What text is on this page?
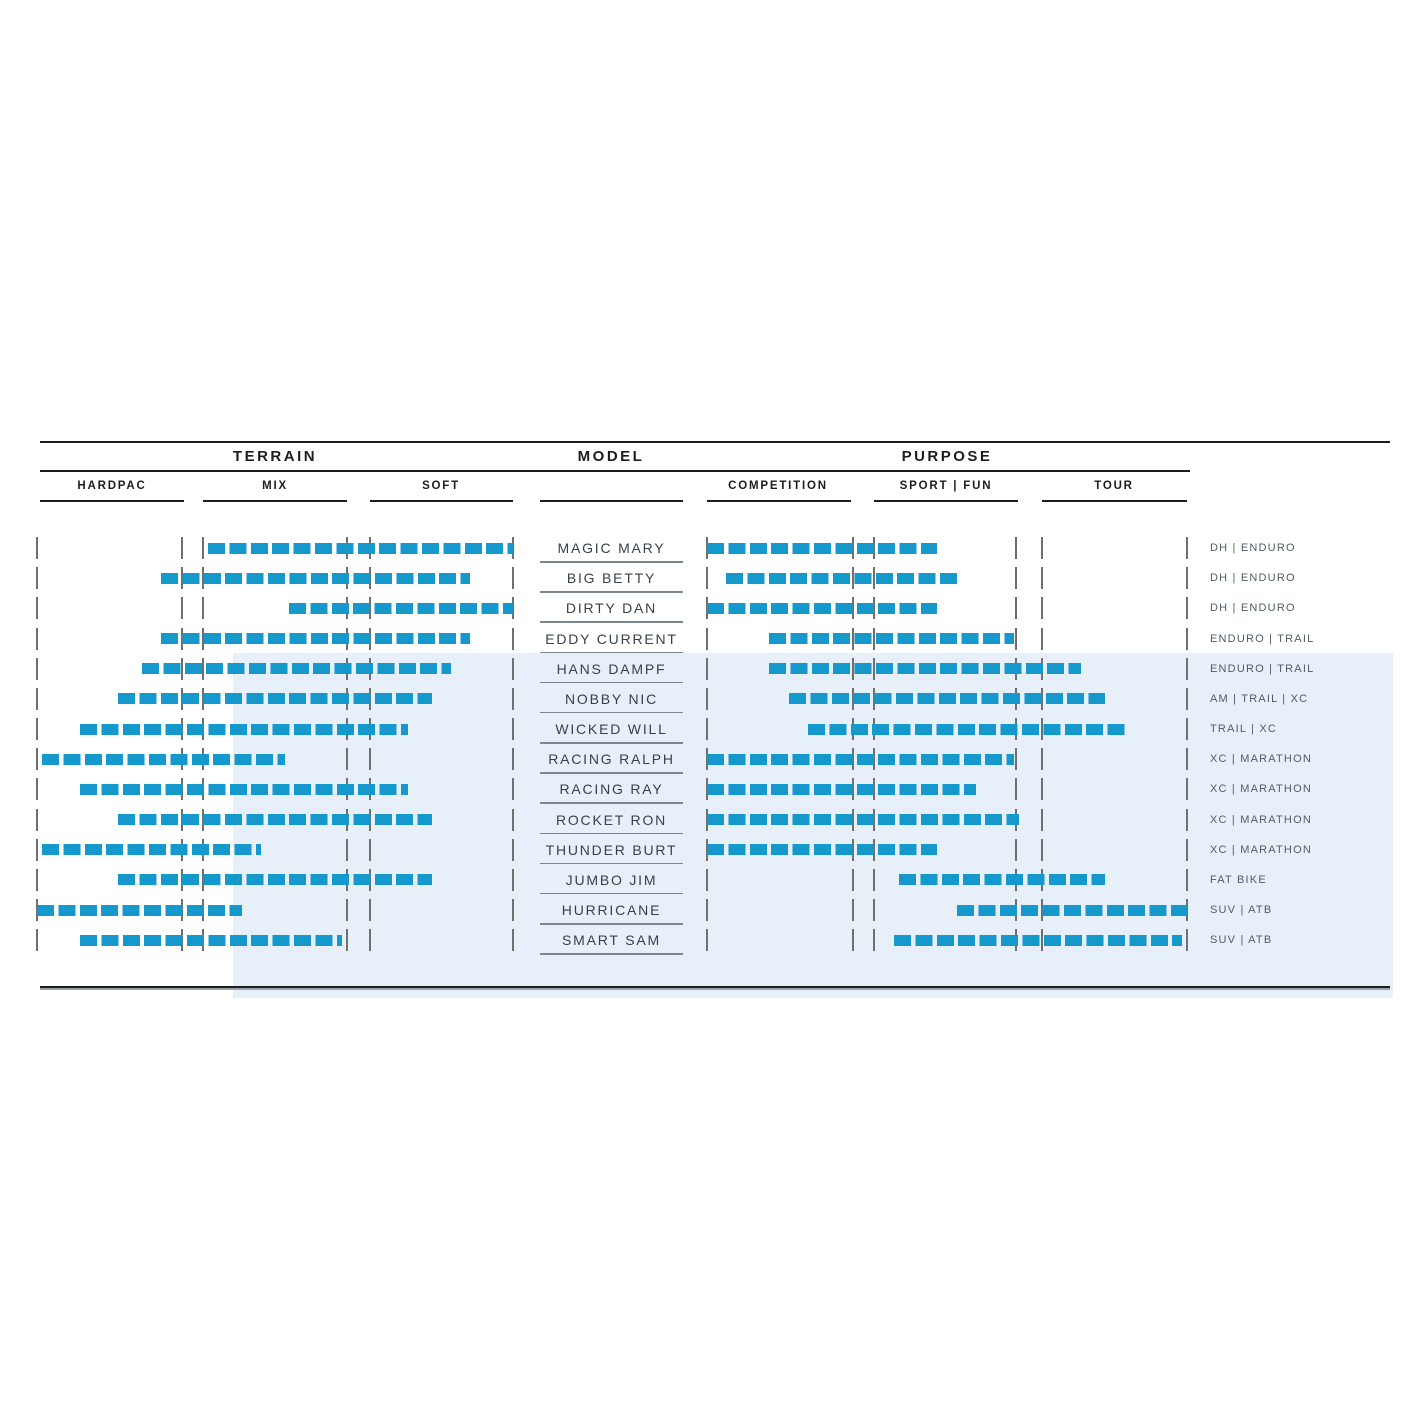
TERRAIN	MODEL	PURPOSE
HARDPAC	MIX	SOFT	COMPETITION	SPORT | FUN	TOUR
MAGIC MARY	DH | ENDURO
BIG BETTY	DH | ENDURO
DIRTY DAN	DH | ENDURO
EDDY CURRENT	ENDURO | TRAIL
HANS DAMPF	ENDURO | TRAIL
NOBBY NIC	AM | TRAIL | XC
WICKED WILL	TRAIL | XC
RACING RALPH	XC | MARATHON
RACING RAY	XC | MARATHON
ROCKET RON	XC | MARATHON
THUNDER BURT	XC | MARATHON
JUMBO JIM	FAT BIKE
HURRICANE	SUV | ATB
SMART SAM	SUV | ATB
